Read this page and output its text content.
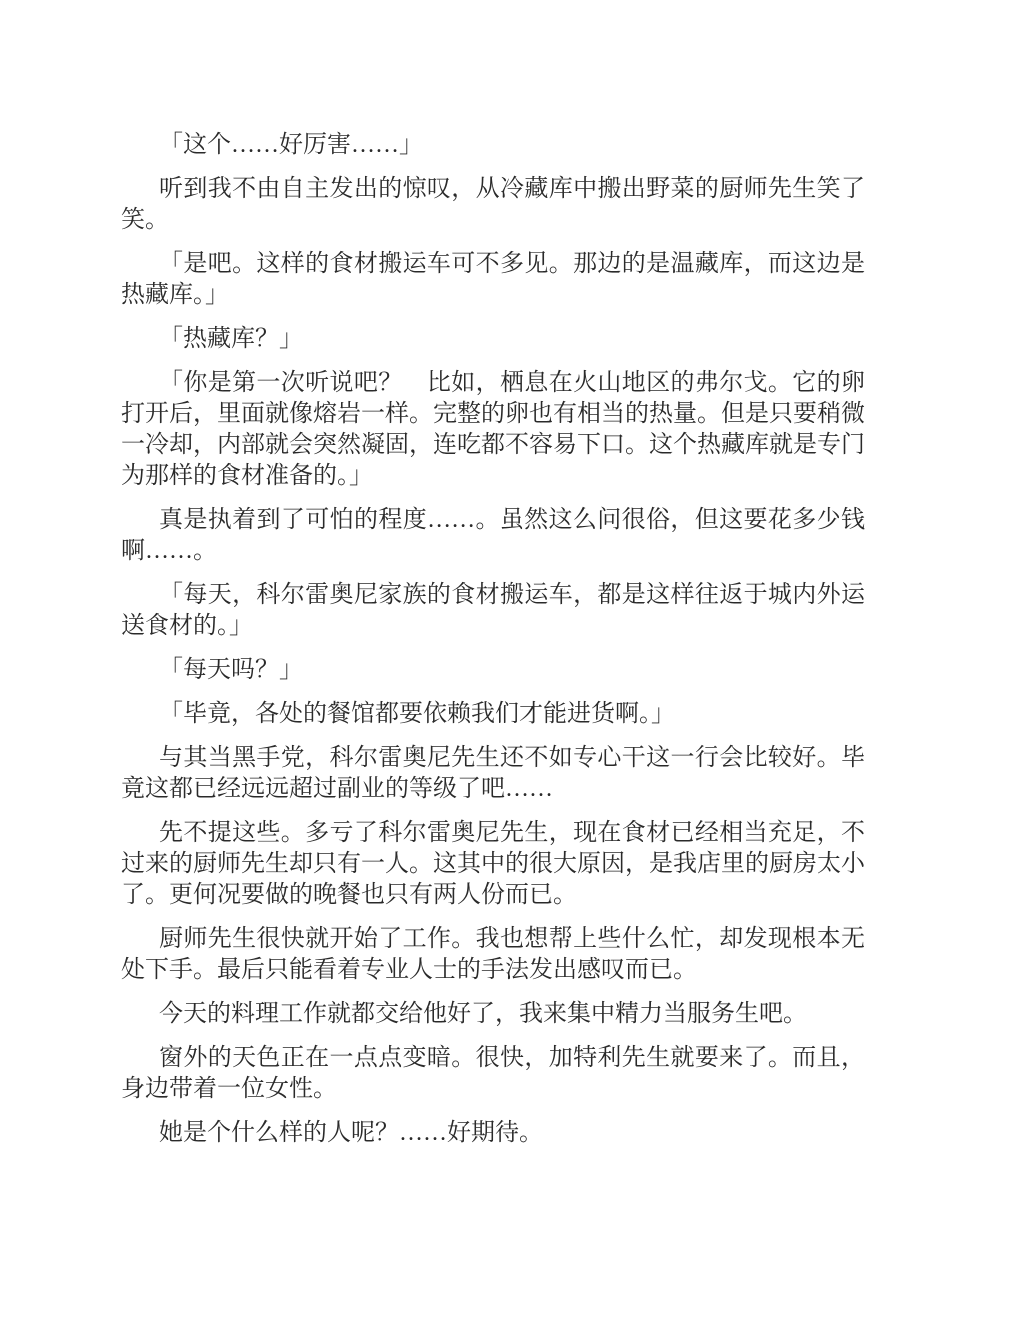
「这个……好厉害……」

听到我不由自主发出的惊叹，从冷藏库中搬出野菜的厨师先生笑了笑。

「是吧。这样的食材搬运车可不多见。那边的是温藏库，而这边是热藏库。」

「热藏库？」

「你是第一次听说吧？　比如，栖息在火山地区的弗尔戈。它的卵打开后，里面就像熔岩一样。完整的卵也有相当的热量。但是只要稍微一冷却，内部就会突然凝固，连吃都不容易下口。这个热藏库就是专门为那样的食材准备的。」

真是执着到了可怕的程度……。虽然这么问很俗，但这要花多少钱啊……。

「每天，科尔雷奥尼家族的食材搬运车，都是这样往返于城内外运送食材的。」

「每天吗？」

「毕竟，各处的餐馆都要依赖我们才能进货啊。」

与其当黑手党，科尔雷奥尼先生还不如专心干这一行会比较好。毕竟这都已经远远超过副业的等级了吧……

先不提这些。多亏了科尔雷奥尼先生，现在食材已经相当充足，不过来的厨师先生却只有一人。这其中的很大原因，是我店里的厨房太小了。更何况要做的晚餐也只有两人份而已。

厨师先生很快就开始了工作。我也想帮上些什么忙，却发现根本无处下手。最后只能看着专业人士的手法发出感叹而已。

今天的料理工作就都交给他好了，我来集中精力当服务生吧。

窗外的天色正在一点点变暗。很快，加特利先生就要来了。而且，身边带着一位女性。

她是个什么样的人呢？……好期待。
